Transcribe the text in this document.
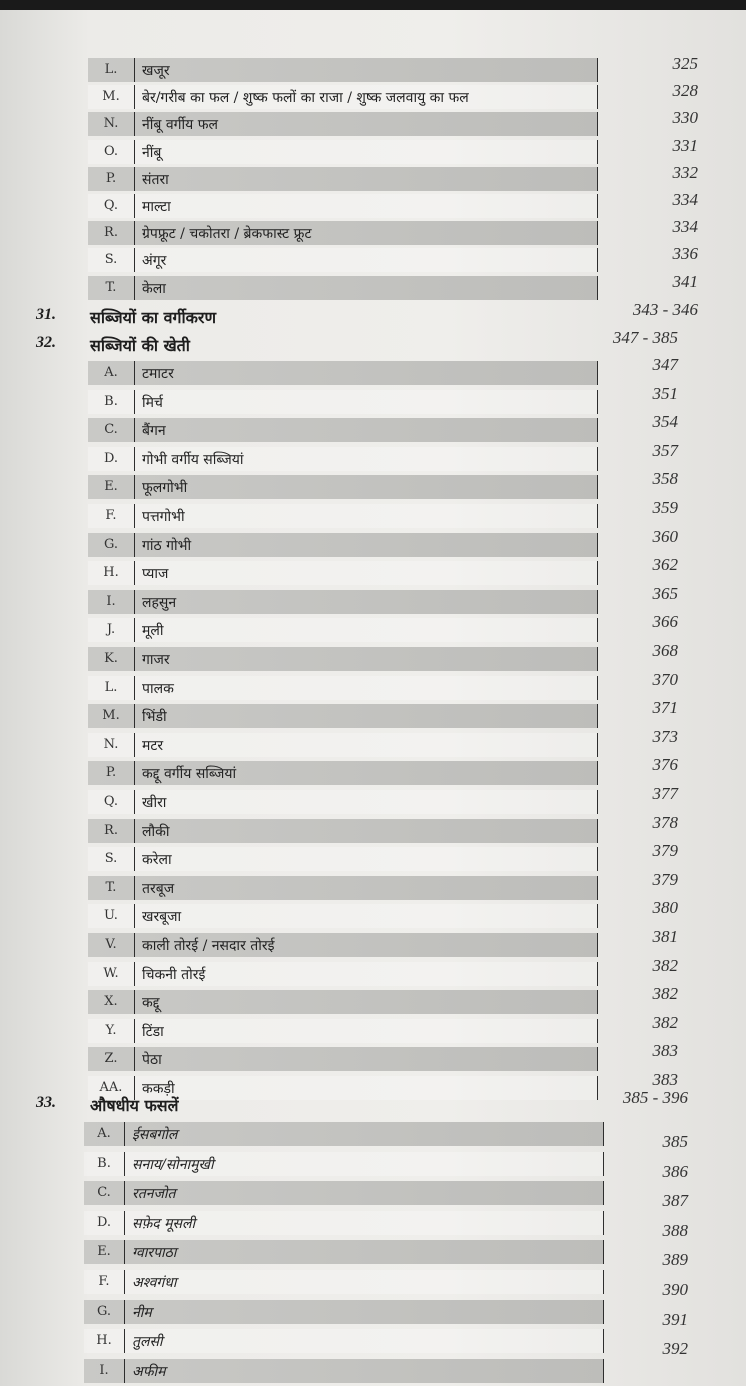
L.	खजूर	325
M.	बेर/गरीब का फल / शुष्क फलों का राजा / शुष्क जलवायु का फल	328
N.	नींबू वर्गीय फल	330
O.	नींबू	331
P.	संतरा	332
Q.	माल्टा	334
R.	ग्रेपफ्रूट / चकोतरा / ब्रेकफास्ट फ्रूट	334
S.	अंगूर	336
T.	केला	341
31. सब्जियों का वर्गीकरण	343 - 346
32. सब्जियों की खेती	347 - 385
A.	टमाटर	347
B.	मिर्च	351
C.	बैंगन	354
D.	गोभी वर्गीय सब्जियां	357
E.	फूलगोभी	358
F.	पत्तगोभी	359
G.	गांठ गोभी	360
H.	प्याज	362
I.	लहसुन	365
J.	मूली	366
K.	गाजर	368
L.	पालक	370
M.	भिंडी	371
N.	मटर	373
P.	कद्दू वर्गीय सब्जियां	376
Q.	खीरा	377
R.	लौकी	378
S.	करेला	379
T.	तरबूज	379
U.	खरबूजा	380
V.	काली तोरई / नसदार तोरई	381
W.	चिकनी तोरई	382
X.	कद्दू	382
Y.	टिंडा	382
Z.	पेठा	383
AA.	ककड़ी	383
33. औषधीय फसलें	385 - 396
A.	ईसबगोल	385
B.	सनाय/सोनामुखी	386
C.	रतनजोत	387
D.	सफ़ेद मूसली	388
E.	ग्वारपाठा	389
F.	अश्वगंधा	390
G.	नीम	391
H.	तुलसी	392
I.	अफीम
